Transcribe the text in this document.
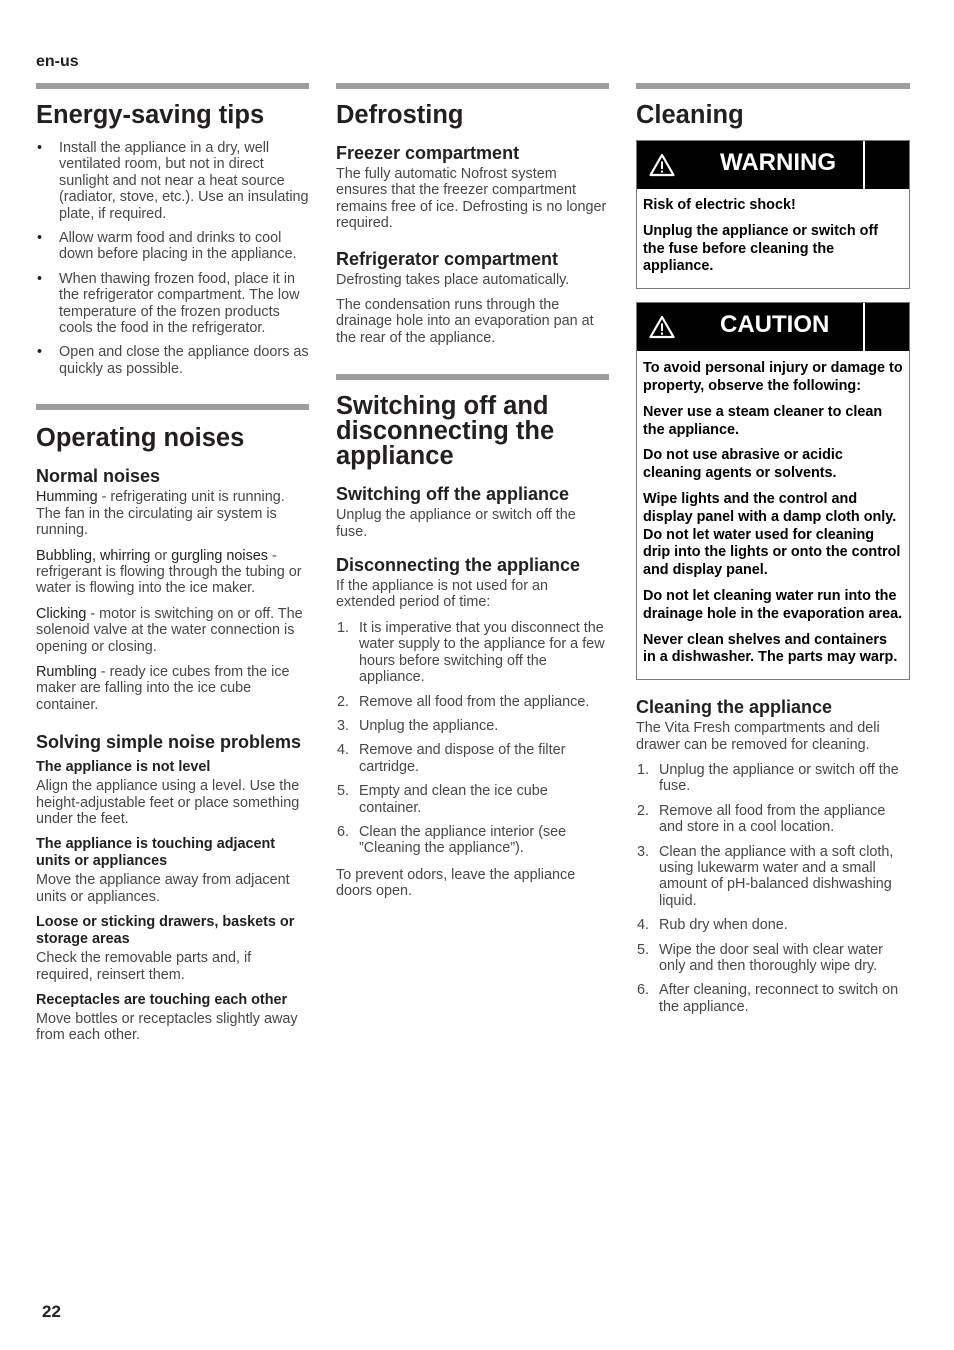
en-us
Energy-saving tips
• Install the appliance in a dry, well ventilated room, but not in direct sunlight and not near a heat source (radiator, stove, etc.). Use an insulating plate, if required.
• Allow warm food and drinks to cool down before placing in the appliance.
• When thawing frozen food, place it in the refrigerator compartment. The low temperature of the frozen products cools the food in the refrigerator.
• Open and close the appliance doors as quickly as possible.
Operating noises
Normal noises

Humming - refrigerating unit is running. The fan in the circulating air system is running.

Bubbling, whirring or gurgling noises - refrigerant is flowing through the tubing or water is flowing into the ice maker.

Clicking - motor is switching on or off. The solenoid valve at the water connection is opening or closing.

Rumbling - ready ice cubes from the ice maker are falling into the ice cube container.

Solving simple noise problems
The appliance is not level

Align the appliance using a level. Use the height-adjustable feet or place something under the feet.

The appliance is touching adjacent units or appliances

Move the appliance away from adjacent units or appliances.

Loose or sticking drawers, baskets or storage areas

Check the removable parts and, if required, reinsert them.

Receptacles are touching each other

Move bottles or receptacles slightly away from each other.

Defrosting
Freezer compartment

The fully automatic Nofrost system ensures that the freezer compartment remains free of ice. Defrosting is no longer required.

Refrigerator compartment

Defrosting takes place automatically.

The condensation runs through the drainage hole into an evaporation pan at the rear of the appliance.

Switching off and disconnecting the appliance
Switching off the appliance

Unplug the appliance or switch off the fuse.

Disconnecting the appliance

If the appliance is not used for an extended period of time:

1. It is imperative that you disconnect the water supply to the appliance for a few hours before switching off the appliance.
2. Remove all food from the appliance.
3. Unplug the appliance.
4. Remove and dispose of the filter cartridge.
5. Empty and clean the ice cube container.
6. Clean the appliance interior (see ”Cleaning the appliance”).

To prevent odors, leave the appliance doors open.

Cleaning
WARNING

Risk of electric shock!

Unplug the appliance or switch off the fuse before cleaning the appliance.

CAUTION

To avoid personal injury or damage to property, observe the following:

Never use a steam cleaner to clean the appliance.

Do not use abrasive or acidic cleaning agents or solvents.

Wipe lights and the control and display panel with a damp cloth only. Do not let water used for cleaning drip into the lights or onto the control and display panel.

Do not let cleaning water run into the drainage hole in the evaporation area.

Never clean shelves and containers in a dishwasher. The parts may warp.

Cleaning the appliance

The Vita Fresh compartments and deli drawer can be removed for cleaning.

1. Unplug the appliance or switch off the fuse.
2. Remove all food from the appliance and store in a cool location.
3. Clean the appliance with a soft cloth, using lukewarm water and a small amount of pH-balanced dishwashing liquid.
4. Rub dry when done.
5. Wipe the door seal with clear water only and then thoroughly wipe dry.
6. After cleaning, reconnect to switch on the appliance.
22
